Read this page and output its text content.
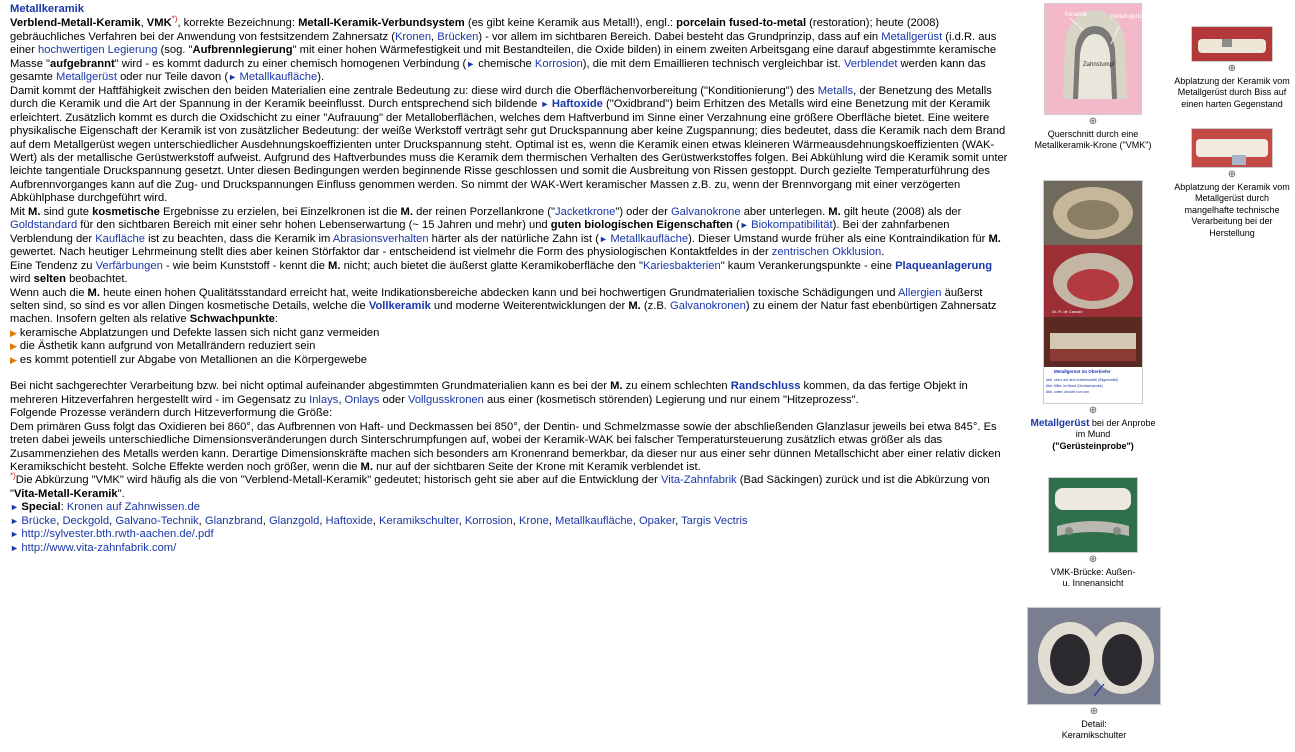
Metallkeramik

Verblend-Metall-Keramik, VMK*), korrekte Bezeichnung: Metall-Keramik-Verbundsystem (es gibt keine Keramik aus Metall!), engl.: porcelain fused-to-metal (restoration); heute (2008) gebräuchliches Verfahren bei der Anwendung von festsitzendem Zahnersatz (Kronen, Brücken) - vor allem im sichtbaren Bereich. Dabei besteht das Grundprinzip, dass auf ein Metallgerüst (i.d.R. aus einer hochwertigen Legierung (sog. "Aufbrennlegierung" mit einer hohen Wärmefestigkeit und mit Bestandteilen, die Oxide bilden) in einem zweiten Arbeitsgang eine darauf abgestimmte keramische Masse "aufgebrannt" wird - es kommt dadurch zu einer chemisch homogenen Verbindung (► chemische Korrosion), die mit dem Emaillieren technisch vergleichbar ist. Verblendet werden kann das gesamte Metallgerüst oder nur Teile davon (► Metallkaufläche).

Damit kommt der Haftfähigkeit zwischen den beiden Materialien eine zentrale Bedeutung zu: diese wird durch die Oberflächenvorbereitung ("Konditionierung") des Metalls, der Benetzung des Metalls durch die Keramik und die Art der Spannung in der Keramik beeinflusst. Durch entsprechend sich bildende ► Haftoxide ("Oxidbrand") beim Erhitzen des Metalls wird eine Benetzung mit der Keramik erleichtert. Zusätzlich kommt es durch die Oxidschicht zu einer "Aufrauung" der Metalloberflächen, welches dem Haftverbund im Sinne einer Verzahnung eine größere Oberfläche bietet. Eine weitere physikalische Eigenschaft der Keramik ist von zusätzlicher Bedeutung: der weiße Werkstoff verträgt sehr gut Druckspannung aber keine Zugspannung; dies bedeutet, dass die Keramik nach dem Brand auf dem Metallgerüst wegen unterschiedlicher Ausdehnungskoeffizienten unter Druckspannung steht. Optimal ist es, wenn die Keramik einen etwas kleineren Wärmeausdehnungskoeffizienten (WAK-Wert) als der metallische Gerüstwerkstoff aufweist. Aufgrund des Haftverbundes muss die Keramik dem thermischen Verhalten des Gerüstwerkstoffes folgen. Bei Abkühlung wird die Keramik somit unter leichte tangentiale Druckspannung gesetzt. Unter diesen Bedingungen werden beginnende Risse geschlossen und somit die Ausbreitung von Rissen gestoppt. Durch gezielte Temperaturführung des Aufbrennvorganges kann auf die Zug- und Druckspannungen Einfluss genommen werden. So nimmt der WAK-Wert keramischer Massen z.B. zu, wenn der Brennvorgang mit einer verzögerten Abkühlphase durchgeführt wird.

Mit M. sind gute kosmetische Ergebnisse zu erzielen, bei Einzelkronen ist die M. der reinen Porzellankrone ("Jacketkrone") oder der Galvanokrone aber unterlegen. M. gilt heute (2008) als der Goldstandard für den sichtbaren Bereich mit einer sehr hohen Lebenserwartung (~ 15 Jahren und mehr) und guten biologischen Eigenschaften (► Biokompatibilität). Bei der zahnfarbenen Verblendung der Kaufläche ist zu beachten, dass die Keramik im Abrasionsverhalten härter als der natürliche Zahn ist (► Metallkaufläche). Dieser Umstand wurde früher als eine Kontraindikation für M. gewertet. Nach heutiger Lehrmeinung stellt dies aber keinen Störfaktor dar - entscheidend ist vielmehr die Form des physiologischen Kontaktfeldes in der zentrischen Okklusion.

Eine Tendenz zu Verfärbungen - wie beim Kunststoff - kennt die M. nicht; auch bietet die äußerst glatte Keramikoberfläche den "Kariesbakterien" kaum Verankerungspunkte - eine Plaqueanlagerung wird selten beobachtet.

Wenn auch die M. heute einen hohen Qualitätsstandard erreicht hat, weite Indikationsbereiche abdecken kann und bei hochwertigen Grundmaterialien toxische Schädigungen und Allergien äußerst selten sind, so sind es vor allen Dingen kosmetische Details, welche die Vollkeramik und moderne Weiterentwicklungen der M. (z.B. Galvanokronen) zu einem der Natur fast ebenbürtigen Zahnersatz machen. Insofern gelten als relative Schwachpunkte:

▶ keramische Abplatzungen und Defekte lassen sich nicht ganz vermeiden
▶ die Ästhetik kann aufgrund von Metallrändern reduziert sein
▶ es kommt potentiell zur Abgabe von Metallionen an die Körpergewebe

Bei nicht sachgerechter Verarbeitung bzw. bei nicht optimal aufeinander abgestimmten Grundmaterialien kann es bei der M. zu einem schlechten Randschluss kommen, da das fertige Objekt in mehreren Hitzeverfahren hergestellt wird - im Gegensatz zu Inlays, Onlays oder Vollgusskronen aus einer (kosmetisch störenden) Legierung und nur einem "Hitzeprozess".

Folgende Prozesse verändern durch Hitzeverformung die Größe:

Dem primären Guss folgt das Oxidieren bei 860°, das Aufbrennen von Haft- und Deckmassen bei 850°, der Dentin- und Schmelzmasse sowie der abschließenden Glanzlasur jeweils bei etwa 845°. Es treten dabei jeweils unterschiedliche Dimensionsveränderungen durch Sinterschrumpfungen auf, wobei der Keramik-WAK bei falscher Temperatursteuerung zusätzlich etwas größer als das Zusammenziehen des Metalls werden kann. Derartige Dimensionskräfte machen sich besonders am Kronenrand bemerkbar, da dieser nur aus einer sehr dünnen Metallschicht aber einer relativ dicken Keramikschicht besteht. Solche Effekte werden noch größer, wenn die M. nur auf der sichtbaren Seite der Krone mit Keramik verblendet ist.

*)Die Abkürzung "VMK" wird häufig als die von "Verblend-Metall-Keramik" gedeutet; historisch geht sie aber auf die Entwicklung der Vita-Zahnfabrik (Bad Säckingen) zurück und ist die Abkürzung von "Vita-Metall-Keramik".

► Special: Kronen auf Zahnwissen.de

► Brücke, Deckgold, Galvano-Technik, Glanzbrand, Glanzgold, Haftoxide, Keramikschulter, Korrosion, Krone, Metallkaufläche, Opaker, Targis Vectris

► http://sylvester.bth.rwth-aachen.de/.pdf

► http://www.vita-zahnfabrik.com/

Keramik	Metall-gerüst
Zahnstumpf
⊕
Querschnitt durch eine Metallkeramik-Krone ("VMK")
Dr. R. de Cassan
Metallgerüst im Oberkiefer
Abb. oben: auf dem Arbeitsmodell (Sägemodell)
Abb. Mitte: im Mund (Gerüsteinprobe)
Abb. unten: Ansicht von vorn
⊕
Metallgerüst bei der Anprobe im Mund
("Gerüsteinprobe")
⊕
VMK-Brücke: Außen- u. Innenansicht
⊕
Detail: Keramikschulter
⊕
Abplatzung der Keramik vom Metallgerüst durch Biss auf einen harten Gegenstand
⊕
Abplatzung der Keramik vom Metallgerüst durch mangelhafte technische Verarbeitung bei der Herstellung
